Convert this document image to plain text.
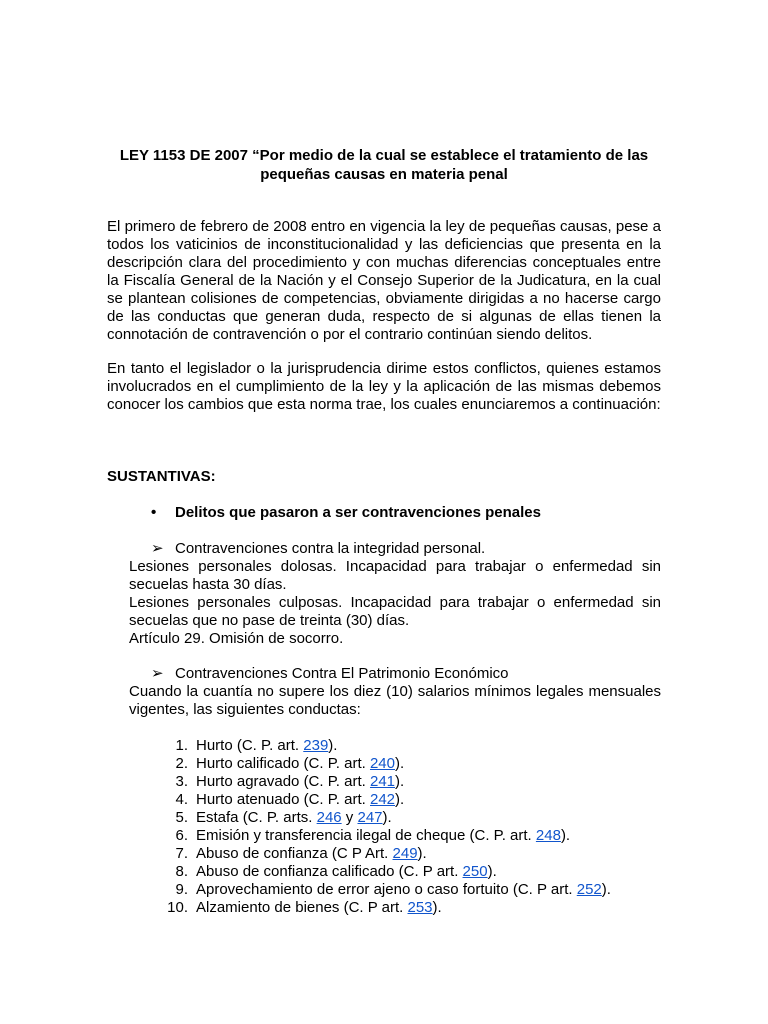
LEY 1153 DE 2007 “Por medio de la cual se establece el tratamiento de las pequeñas causas en materia penal

El primero de febrero de 2008 entro en vigencia la ley de pequeñas causas, pese a todos los vaticinios de inconstitucionalidad y las deficiencias que presenta en la descripción clara del procedimiento y con muchas diferencias conceptuales entre la Fiscalía General de la Nación y el Consejo Superior de la Judicatura, en la cual se plantean colisiones de competencias, obviamente dirigidas a no hacerse cargo de las conductas que generan duda, respecto de si algunas de ellas tienen la connotación de contravención o por el contrario continúan siendo delitos.

En tanto el legislador o la jurisprudencia dirime estos conflictos, quienes estamos involucrados en el cumplimiento de la ley y la aplicación de las mismas debemos conocer los cambios que esta norma trae, los cuales enunciaremos a continuación:

SUSTANTIVAS:
• Delitos que pasaron a ser contravenciones penales
➢ Contravenciones contra la integridad personal.

Lesiones personales dolosas. Incapacidad para trabajar o enfermedad sin secuelas hasta 30 días.

Lesiones personales culposas. Incapacidad para trabajar o enfermedad sin secuelas que no pase de treinta (30) días.

Artículo 29. Omisión de socorro.

➢ Contravenciones Contra El Patrimonio Económico

Cuando la cuantía no supere los diez (10) salarios mínimos legales mensuales vigentes, las siguientes conductas:

1. Hurto (C. P. art. 239).
2. Hurto calificado (C. P. art. 240).
3. Hurto agravado (C. P. art. 241).
4. Hurto atenuado (C. P. art. 242).
5. Estafa (C. P. arts. 246 y 247).
6. Emisión y transferencia ilegal de cheque (C. P. art. 248).
7. Abuso de confianza (C P Art. 249).
8. Abuso de confianza calificado (C. P art. 250).
9. Aprovechamiento de error ajeno o caso fortuito (C. P art. 252).
10. Alzamiento de bienes (C. P art. 253).
